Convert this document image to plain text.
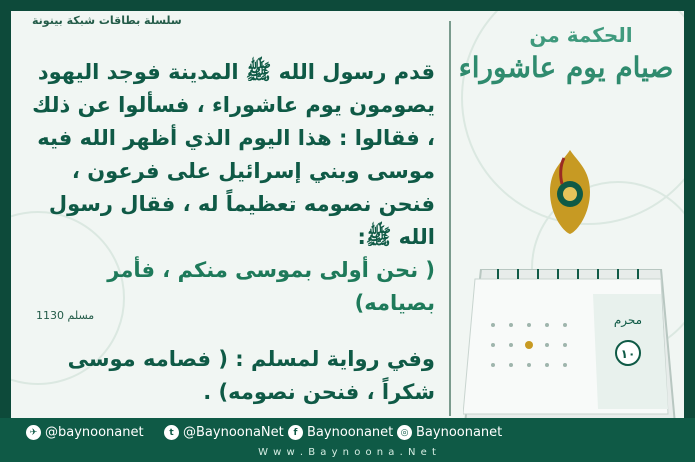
سلسلة بطاقات شبكة بينونة

قدم رسول الله ﷺ المدينة فوجد اليهود يصومون يوم عاشوراء ، فسألوا عن ذلك ، فقالوا : هذا اليوم الذي أظهر الله فيه موسى وبني إسرائيل على فرعون ، فنحن نصومه تعظيماً له ، فقال رسول الله ﷺ:

( نحن أولى بموسى منكم ، فأمر بصيامه)

مسلم 1130
وفي رواية لمسلم : ( فصامه موسى شكراً ، فنحن نصومه) .
الحكمة من
صيام يوم عاشوراء
محرم
١٠
✈ @baynoonanet	t @BaynoonaNet	f Baynoonanet ◎ Baynoonanet
W w w . B a y n o o n a . N e t
